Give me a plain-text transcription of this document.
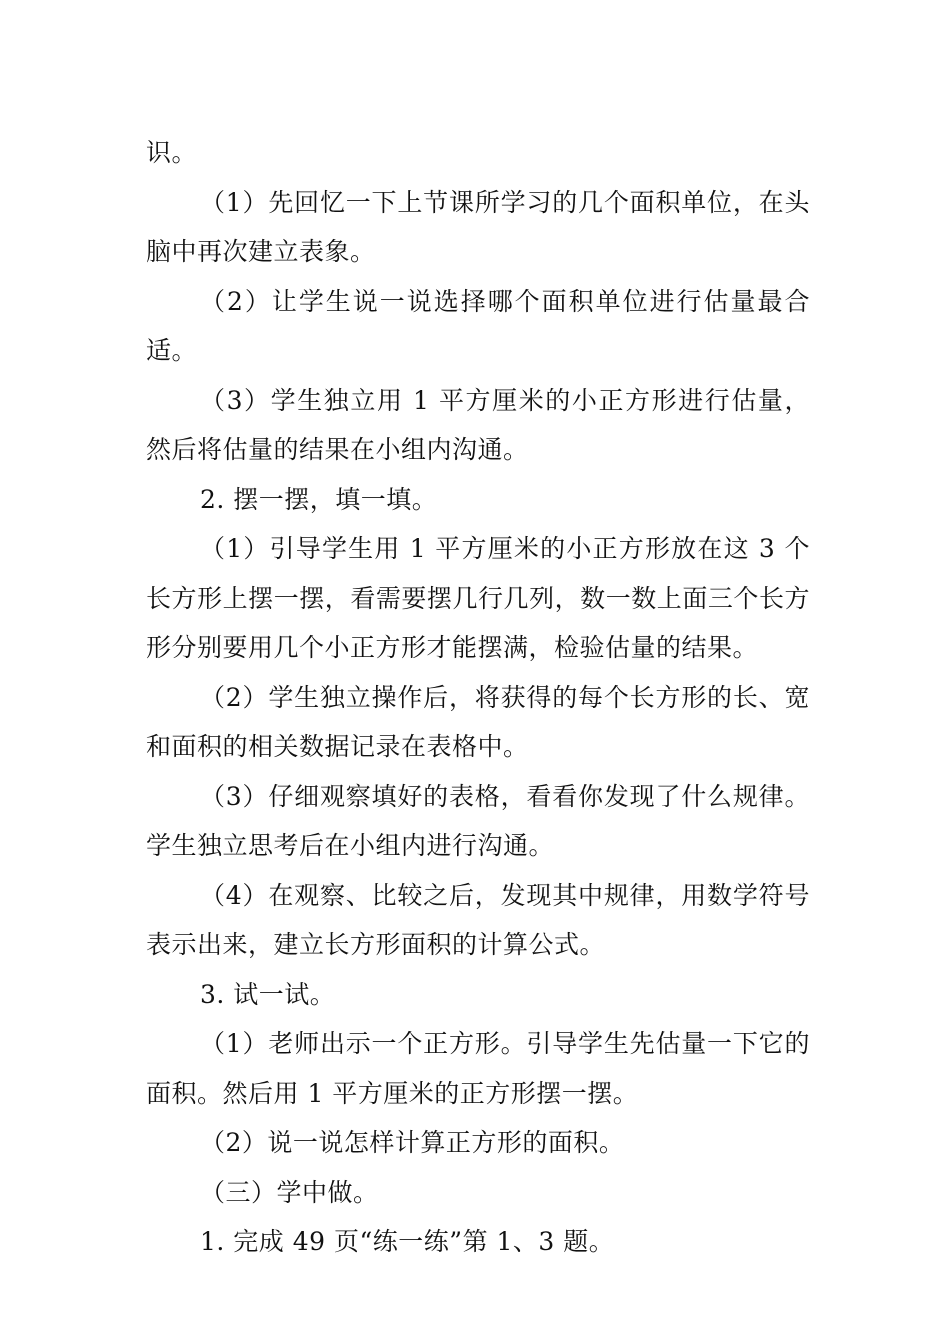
识。

（1）先回忆一下上节课所学习的几个面积单位，在头脑中再次建立表象。

（2）让学生说一说选择哪个面积单位进行估量最合适。

（3）学生独立用 1 平方厘米的小正方形进行估量，然后将估量的结果在小组内沟通。

2. 摆一摆，填一填。

（1）引导学生用 1 平方厘米的小正方形放在这 3 个长方形上摆一摆，看需要摆几行几列，数一数上面三个长方形分别要用几个小正方形才能摆满，检验估量的结果。

（2）学生独立操作后，将获得的每个长方形的长、宽和面积的相关数据记录在表格中。

（3）仔细观察填好的表格，看看你发现了什么规律。学生独立思考后在小组内进行沟通。

（4）在观察、比较之后，发现其中规律，用数学符号表示出来，建立长方形面积的计算公式。

3. 试一试。

（1）老师出示一个正方形。引导学生先估量一下它的面积。然后用 1 平方厘米的正方形摆一摆。

（2）说一说怎样计算正方形的面积。

（三）学中做。

1. 完成 49 页“练一练”第 1、3 题。
